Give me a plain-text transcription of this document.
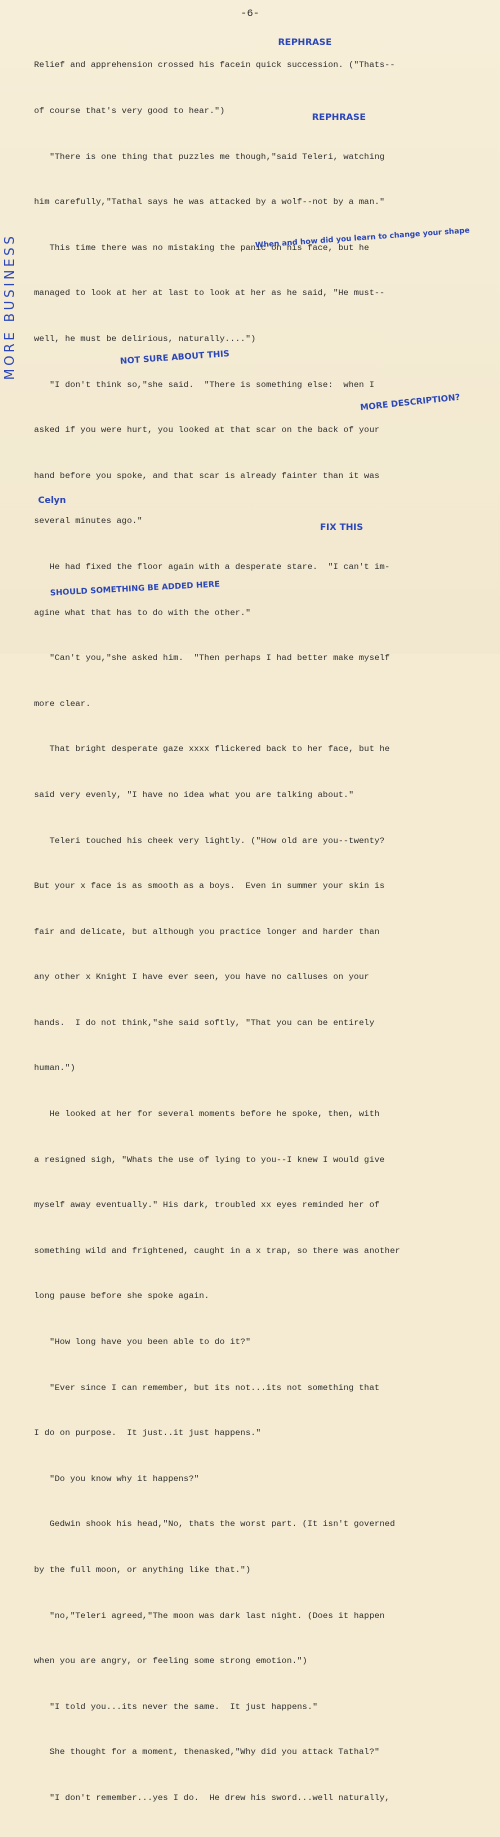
-6-

Relief and apprehension crossed his facein quick succession. ("Thats--

of course that's very good to hear.")

"There is one thing that puzzles me though,"said Teleri, watching

him carefully,"Tathal says he was attacked by a wolf--not by a man."

This time there was no mistaking the panic on his face, but he

managed to look at her at last to look at her as he said, "He must--

well, he must be delirious, naturally....")

"I don't think so,"she said.  "There is something else:  when I

asked if you were hurt, you looked at that scar on the back of your

hand before you spoke, and that scar is already fainter than it was

several minutes ago."

He had fixed the floor again with a desperate stare.  "I can't im-

agine what that has to do with the other."

"Can't you,"she asked him.  "Then perhaps I had better make myself

more clear.

That bright desperate gaze xxxx flickered back to her face, but he

said very evenly, "I have no idea what you are talking about."

Teleri touched his cheek very lightly. ("How old are you--twenty?

But your x face is as smooth as a boys.  Even in summer your skin is

fair and delicate, but although you practice longer and harder than

any other x Knight I have ever seen, you have no calluses on your

hands.  I do not think,"she said softly, "That you can be entirely

human.")

He looked at her for several moments before he spoke, then, with

a resigned sigh, "Whats the use of lying to you--I knew I would give

myself away eventually." His dark, troubled xx eyes reminded her of

something wild and frightened, caught in a x trap, so there was another

long pause before she spoke again.

"How long have you been able to do it?"

"Ever since I can remember, but its not...its not something that

I do on purpose.  It just..it just happens."

"Do you know why it happens?"

Gedwin shook his head,"No, thats the worst part. (It isn't governed

by the full moon, or anything like that.")

"no,"Teleri agreed,"The moon was dark last night. (Does it happen

when you are angry, or feeling some strong emotion.")

"I told you...its never the same.  It just happens."

She thought for a moment, thenasked,"Why did you attack Tathal?"

"I don't remember...yes I do.  He drew his sword...well naturally,

REPHRASE
REPHRASE
When and how did you learn to change your shape
NOT SURE ABOUT THIS
MORE DESCRIPTION?
Celyn
FIX THIS
SHOULD SOMETHING BE ADDED HERE
MORE BUSINESS
